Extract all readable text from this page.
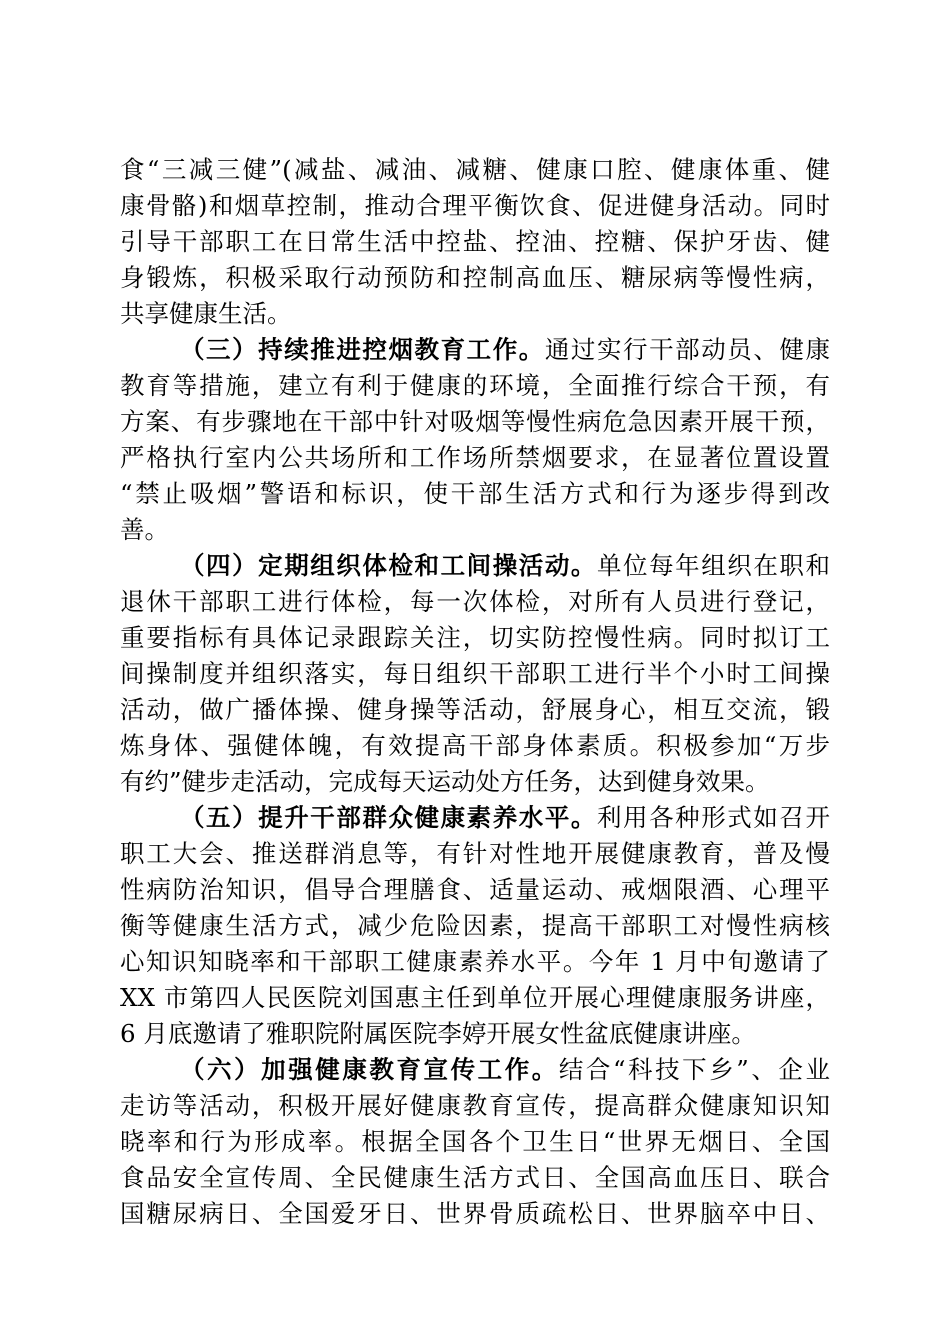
食“三减三健”(减盐、减油、减糖、健康口腔、健康体重、健
康骨骼)和烟草控制，推动合理平衡饮食、促进健身活动。同时
引导干部职工在日常生活中控盐、控油、控糖、保护牙齿、健
身锻炼，积极采取行动预防和控制高血压、糖尿病等慢性病，
共享健康生活。
（三）持续推进控烟教育工作。通过实行干部动员、健康
教育等措施，建立有利于健康的环境，全面推行综合干预，有
方案、有步骤地在干部中针对吸烟等慢性病危急因素开展干预，
严格执行室内公共场所和工作场所禁烟要求，在显著位置设置
“禁止吸烟”警语和标识，使干部生活方式和行为逐步得到改
善。
（四）定期组织体检和工间操活动。单位每年组织在职和
退休干部职工进行体检，每一次体检，对所有人员进行登记，
重要指标有具体记录跟踪关注，切实防控慢性病。同时拟订工
间操制度并组织落实，每日组织干部职工进行半个小时工间操
活动，做广播体操、健身操等活动，舒展身心，相互交流，锻
炼身体、强健体魄，有效提高干部身体素质。积极参加“万步
有约”健步走活动，完成每天运动处方任务，达到健身效果。
（五）提升干部群众健康素养水平。利用各种形式如召开
职工大会、推送群消息等，有针对性地开展健康教育，普及慢
性病防治知识，倡导合理膳食、适量运动、戒烟限酒、心理平
衡等健康生活方式，减少危险因素，提高干部职工对慢性病核
心知识知晓率和干部职工健康素养水平。今年 1 月中旬邀请了
XX 市第四人民医院刘国惠主任到单位开展心理健康服务讲座，
6 月底邀请了雅职院附属医院李婷开展女性盆底健康讲座。
（六）加强健康教育宣传工作。结合“科技下乡”、企业
走访等活动，积极开展好健康教育宣传，提高群众健康知识知
晓率和行为形成率。根据全国各个卫生日“世界无烟日、全国
食品安全宣传周、全民健康生活方式日、全国高血压日、联合
国糖尿病日、全国爱牙日、世界骨质疏松日、世界脑卒中日、
